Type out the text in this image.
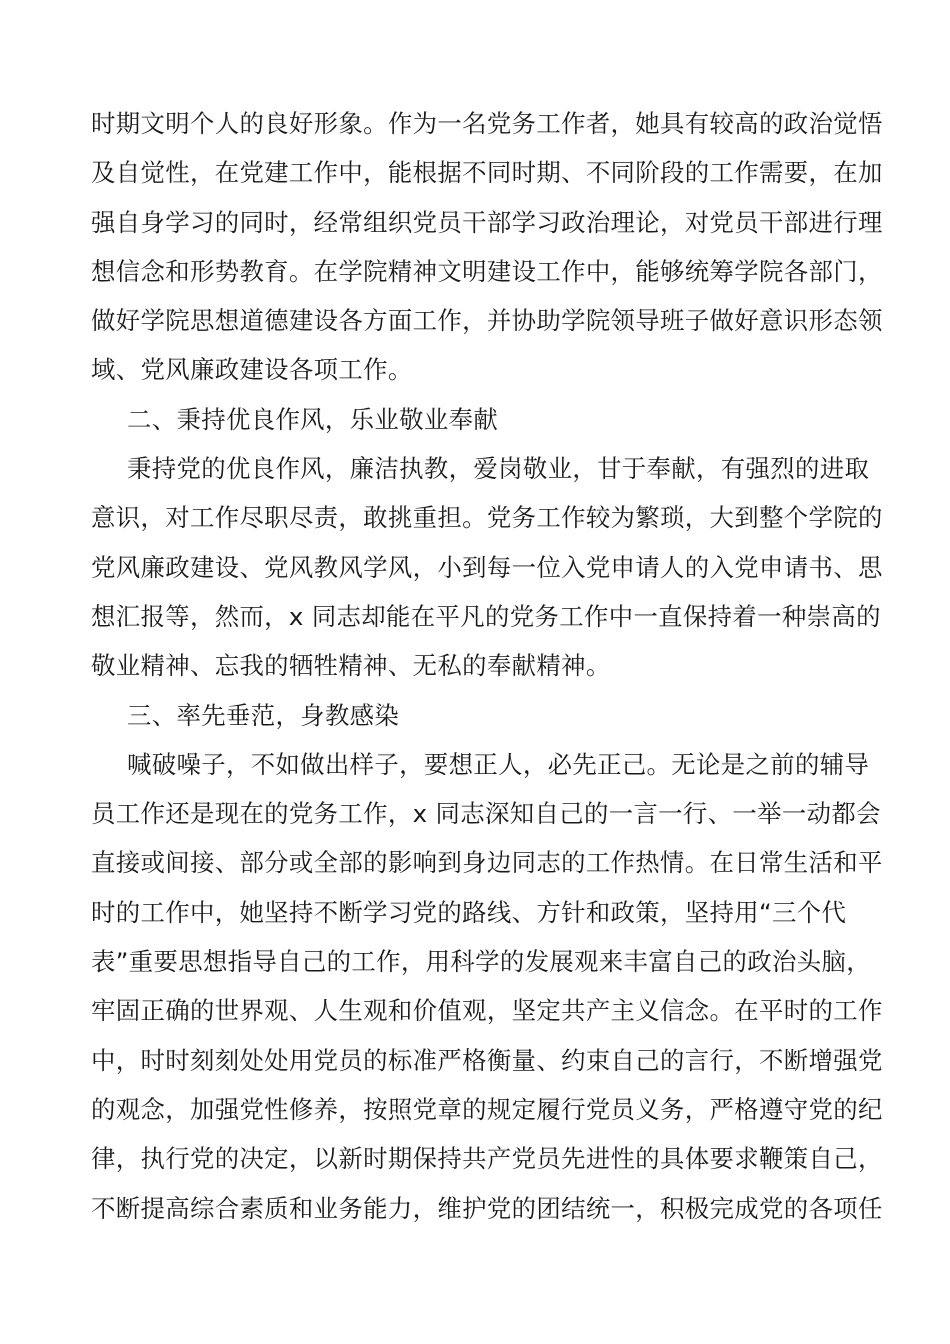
时期文明个人的良好形象。作为一名党务工作者，她具有较高的政治觉悟
及自觉性，在党建工作中，能根据不同时期、不同阶段的工作需要，在加
强自身学习的同时，经常组织党员干部学习政治理论，对党员干部进行理
想信念和形势教育。在学院精神文明建设工作中，能够统筹学院各部门，
做好学院思想道德建设各方面工作，并协助学院领导班子做好意识形态领
域、党风廉政建设各项工作。
二、秉持优良作风，乐业敬业奉献
秉持党的优良作风，廉洁执教，爱岗敬业，甘于奉献，有强烈的进取
意识，对工作尽职尽责，敢挑重担。党务工作较为繁琐，大到整个学院的
党风廉政建设、党风教风学风，小到每一位入党申请人的入党申请书、思
想汇报等，然而，x 同志却能在平凡的党务工作中一直保持着一种崇高的
敬业精神、忘我的牺牲精神、无私的奉献精神。
三、率先垂范，身教感染
喊破噪子，不如做出样子，要想正人，必先正己。无论是之前的辅导
员工作还是现在的党务工作，x 同志深知自己的一言一行、一举一动都会
直接或间接、部分或全部的影响到身边同志的工作热情。在日常生活和平
时的工作中，她坚持不断学习党的路线、方针和政策，坚持用“三个代
表”重要思想指导自己的工作，用科学的发展观来丰富自己的政治头脑，
牢固正确的世界观、人生观和价值观，坚定共产主义信念。在平时的工作
中，时时刻刻处处用党员的标准严格衡量、约束自己的言行，不断增强党
的观念，加强党性修养，按照党章的规定履行党员义务，严格遵守党的纪
律，执行党的决定，以新时期保持共产党员先进性的具体要求鞭策自己，
不断提高综合素质和业务能力，维护党的团结统一，积极完成党的各项任
